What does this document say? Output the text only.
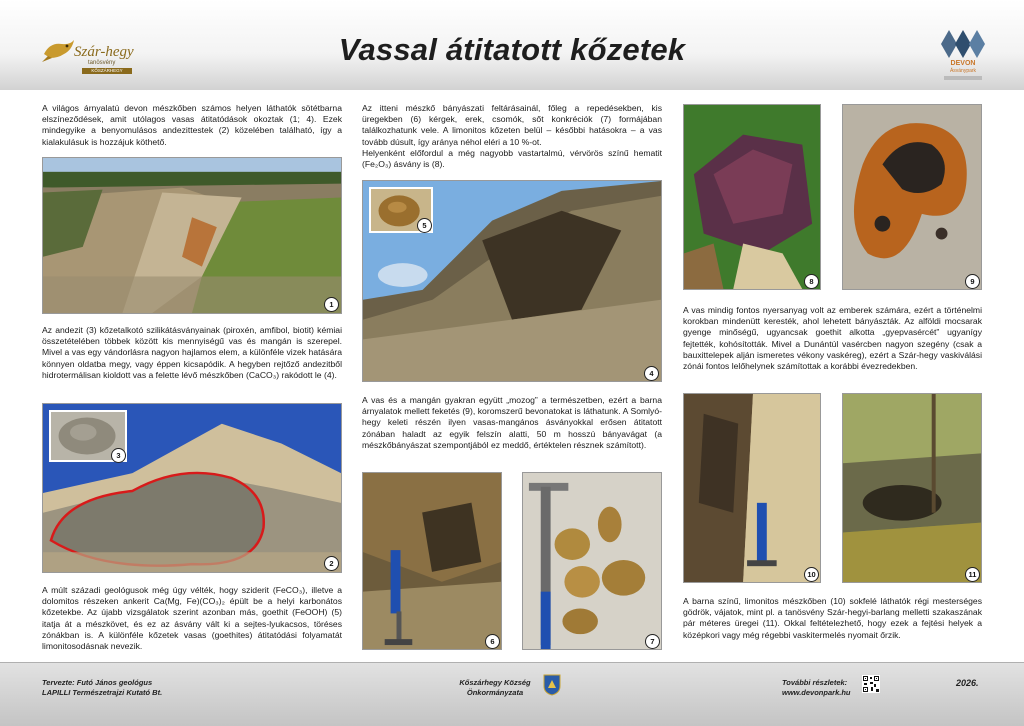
Szár-hegy
tanösvény
KŐSZÁRHEGY
Vassal átitatott kőzetek	DEVON
Ásványpark

A világos árnyalatú devon mészkőben számos helyen láthatók sötétbarna elszíneződések, amit utólagos vasas átitatódások okoztak (1; 4). Ezek mindegyike a benyomulásos andezittestek (2) közelében található, így a kialakulásuk is hozzájuk köthető.

1

Az andezit (3) kőzetalkotó szilikátásványainak (piroxén, amfibol, biotit) kémiai összetételében többek között kis mennyiségű vas és mangán is szerepel. Mivel a vas egy vándorlásra nagyon hajlamos elem, a különféle vizek hatására könnyen oldatba megy, vagy éppen kicsapódik. A hegyben rejtőző andezitből hidrotermálisan kioldott vas a felette lévő mészkőben (CaCO₃) rakódott le (4).

3
2

A múlt századi geológusok még úgy vélték, hogy sziderit (FeCO₃), illetve a dolomitos részeken ankerit Ca(Mg, Fe)(CO₃)₂ épült be a helyi karbonátos kőzetekbe. Az újabb vizsgálatok szerint azonban más, goethit (FeOOH) (5) itatja át a mészkövet, és ez az ásvány vált ki a sejtes-lyukacsos, töréses zónákban is. A különféle kőzetek vasas (goethites) átitatódási folyamatát limonitosodásnak nevezik.

Az itteni mészkő bányászati feltárásainál, főleg a repedésekben, kis üregekben (6) kérgek, erek, csomók, sőt konkréciók (7) formájában találkozhatunk vele. A limonitos kőzeten belül – későbbi hatásokra – a vas tovább dúsult, így aránya néhol eléri a 10 %-ot.

Helyenként előfordul a még nagyobb vastartalmú, vérvörös színű hematit (Fe₂O₃) ásvány is (8).

5
4

A vas és a mangán gyakran együtt „mozog” a természetben, ezért a barna árnyalatok mellett feketés (9), koromszerű bevonatokat is láthatunk. A Somlyó-hegy keleti részén ilyen vasas-mangános ásványokkal erősen átitatott zónában haladt az egyik felszín alatti, 50 m hosszú bányavágat (a mészkőbányászat szempontjából ez meddő, értéktelen résznek számított).

6	7
8	9

A vas mindig fontos nyersanyag volt az emberek számára, ezért a történelmi korokban mindenütt keresték, ahol lehetett bányászták. Az alföldi mocsarak gyenge minőségű, ugyancsak goethit alkotta „gyepvasércét” ugyanígy fejtették, kohósították. Mivel a Dunántúl vasércben nagyon szegény (csak a bauxittelepek alján ismeretes vékony vaskéreg), ezért a Szár-hegy vaskiválási zónái fontos lelőhelynek számítottak a korábbi évezredekben.

10	11

A barna színű, limonitos mészkőben (10) sokfelé láthatók régi mesterséges gödrök, vájatok, mint pl. a tanösvény Szár-hegyi-barlang melletti szakaszának pár méteres üregei (11). Okkal feltételezhető, hogy ezek a fejtési helyek a középkori vagy még régebbi vaskitermelés nyomait őrzik.

Tervezte: Futó János geológus
LAPILLI Természetrajzi Kutató Bt.
Kőszárhegy Község
Önkormányzata
További részletek:
www.devonpark.hu
2026.
